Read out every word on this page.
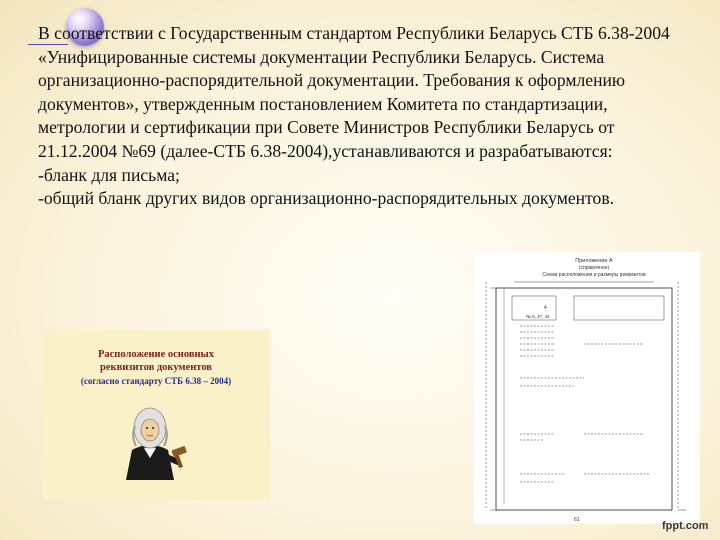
В соответствии с Государственным стандартом Республики Беларусь СТБ 6.38-2004 «Унифицированные системы документации Республики Беларусь. Система организационно-распорядительной документации. Требования к оформлению документов», утвержденным постановлением Комитета по стандартизации, метрологии и сертификации при Совете Министров Республики Беларусь от 21.12.2004 №69 (далее-СТБ 6.38-2004),устанавливаются и разрабатываются:

-бланк для письма;

-общий бланк других видов организационно-распорядительных документов.

Расположение основных
реквизитов документов
(согласно стандарту СТБ 6.38 – 2004)
Приложение А
(справочное)
Схема расположения и размеры реквизитов
4
№ 6, 47, 34
61	fppt.com
